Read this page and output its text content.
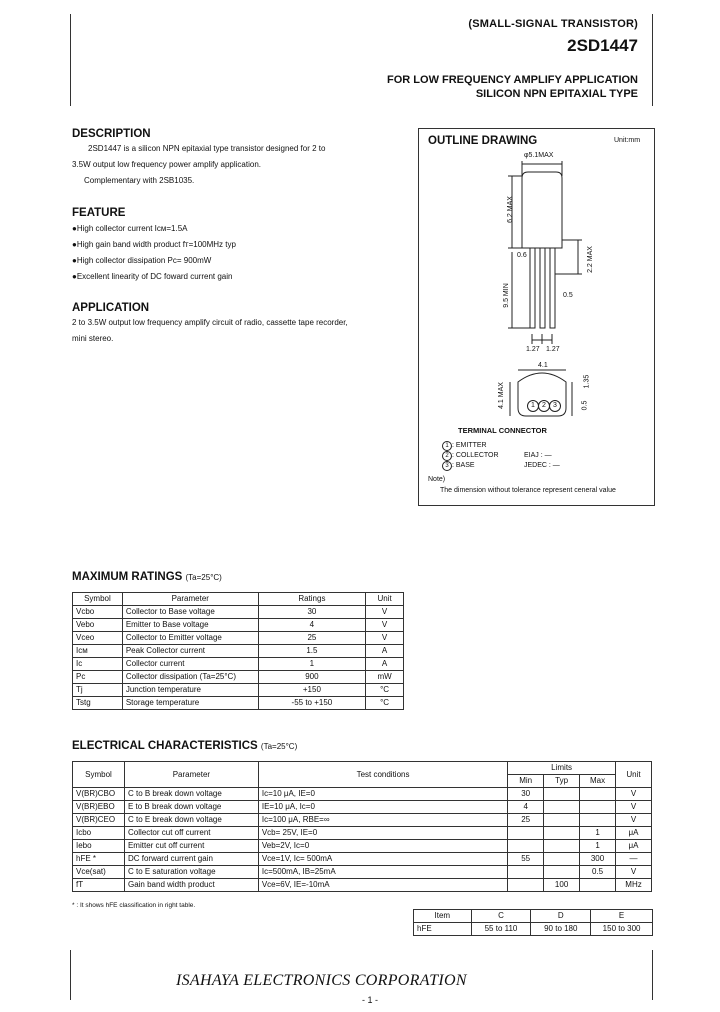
(SMALL-SIGNAL TRANSISTOR)
2SD1447
FOR LOW FREQUENCY AMPLIFY APPLICATION
SILICON NPN EPITAXIAL TYPE
DESCRIPTION
2SD1447 is a silicon NPN epitaxial type transistor designed for 2 to
3.5W output low frequency power amplify application.
Complementary with 2SB1035.
FEATURE
●High collector current Icм=1.5A
●High gain band width product fт=100MHz typ
●High collector dissipation Pc= 900mW
●Excellent linearity of DC foward current gain
APPLICATION
2 to 3.5W output low frequency amplify circuit of radio, cassette tape recorder,
mini stereo.
OUTLINE DRAWING	Unit:mm
φ5.1MAX
6.2 MAX
2.2 MAX
0.6
9.5 MIN	0.5
1.27 1.27
4.1
4.1 MAX	0.5
1.35
1	2	3
TERMINAL CONNECTOR
1 : EMITTER
2 : COLLECTOR
3 : BASE
EIAJ : —
JEDEC : —
Note)
The dimension without tolerance represent ceneral value
MAXIMUM RATINGS (Ta=25°C)
Symbol	Parameter	Ratings	Unit
Vcbo	Collector to Base voltage	30	V
Vebo	Emitter to Base voltage	4	V
Vceo	Collector to Emitter voltage	25	V
Icм	Peak Collector current	1.5	A
Ic	Collector current	1	A
Pc	Collector dissipation (Ta=25°C)	900	mW
Tj	Junction temperature	+150	°C
Tstg	Storage temperature	-55 to +150	°C
ELECTRICAL CHARACTERISTICS (Ta=25°C)
Symbol	Parameter	Test conditions	Limits			Unit
			Min	Typ	Max	
V(BR)CBO	C to B break down voltage	Ic=10 μA, IE=0	30			V
V(BR)EBO	E to B break down voltage	IE=10 μA, Ic=0	4			V
V(BR)CEO	C to E break down voltage	Ic=100 μA, RBE=∞	25			V
Icbo	Collector cut off current	Vcb= 25V, IE=0			1	μA
Iebo	Emitter cut off current	Veb=2V, Ic=0			1	μA
hFE *	DC forward current gain	Vce=1V, Ic= 500mA	55		300	—
Vce(sat)	C to E saturation voltage	Ic=500mA, IB=25mA			0.5	V
fT	Gain band width product	Vce=6V, IE=-10mA		100		MHz
* : It shows hFE classification in right table.
Item	C	D	E
hFE	55 to 110	90 to 180	150 to 300
ISAHAYA ELECTRONICS CORPORATION
- 1 -
